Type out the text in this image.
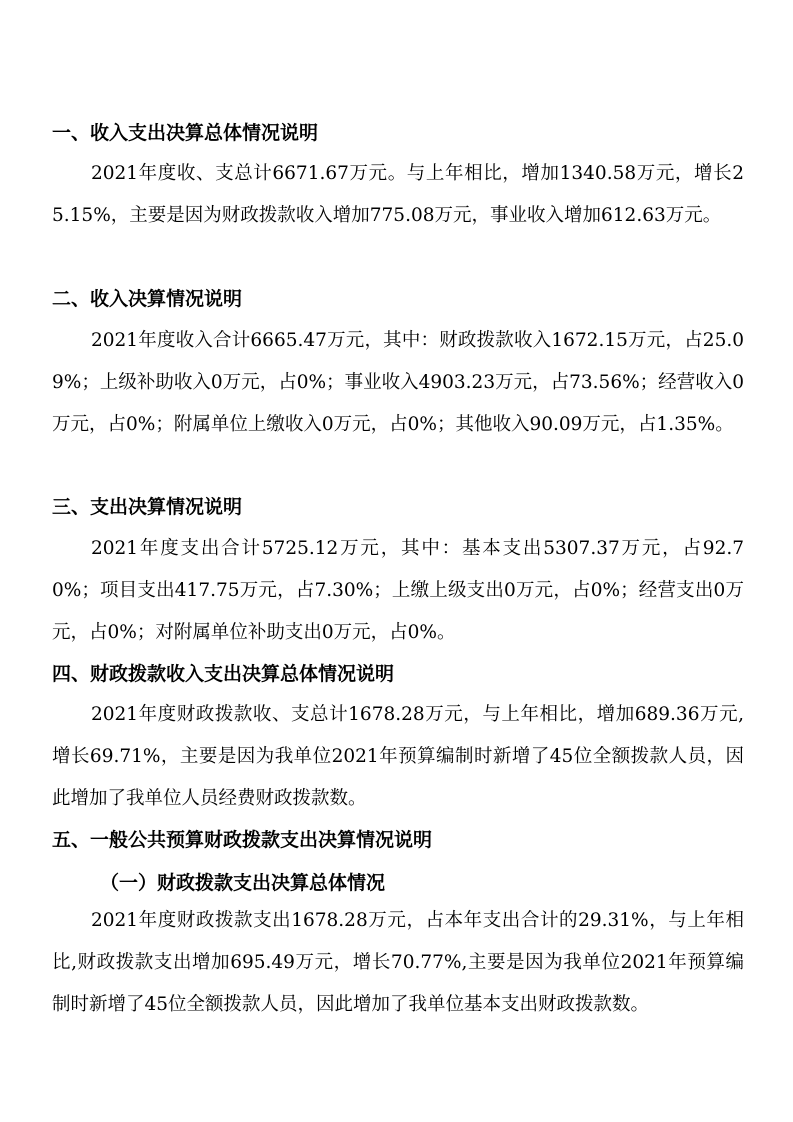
一、收入支出决算总体情况说明

2021年度收、支总计6671.67万元。与上年相比，增加1340.58万元，增长25.15%，主要是因为财政拨款收入增加775.08万元，事业收入增加612.63万元。

二、收入决算情况说明

2021年度收入合计6665.47万元，其中：财政拨款收入1672.15万元，占25.09%；上级补助收入0万元，占0%；事业收入4903.23万元，占73.56%；经营收入0万元，占0%；附属单位上缴收入0万元，占0%；其他收入90.09万元，占1.35%。

三、支出决算情况说明

2021年度支出合计5725.12万元，其中：基本支出5307.37万元，占92.70%；项目支出417.75万元，占7.30%；上缴上级支出0万元，占0%；经营支出0万元，占0%；对附属单位补助支出0万元，占0%。

四、财政拨款收入支出决算总体情况说明

2021年度财政拨款收、支总计1678.28万元，与上年相比，增加689.36万元,增长69.71%，主要是因为我单位2021年预算编制时新增了45位全额拨款人员，因此增加了我单位人员经费财政拨款数。

五、一般公共预算财政拨款支出决算情况说明
（一）财政拨款支出决算总体情况

2021年度财政拨款支出1678.28万元，占本年支出合计的29.31%，与上年相比,财政拨款支出增加695.49万元，增长70.77%,主要是因为我单位2021年预算编制时新增了45位全额拨款人员，因此增加了我单位基本支出财政拨款数。
